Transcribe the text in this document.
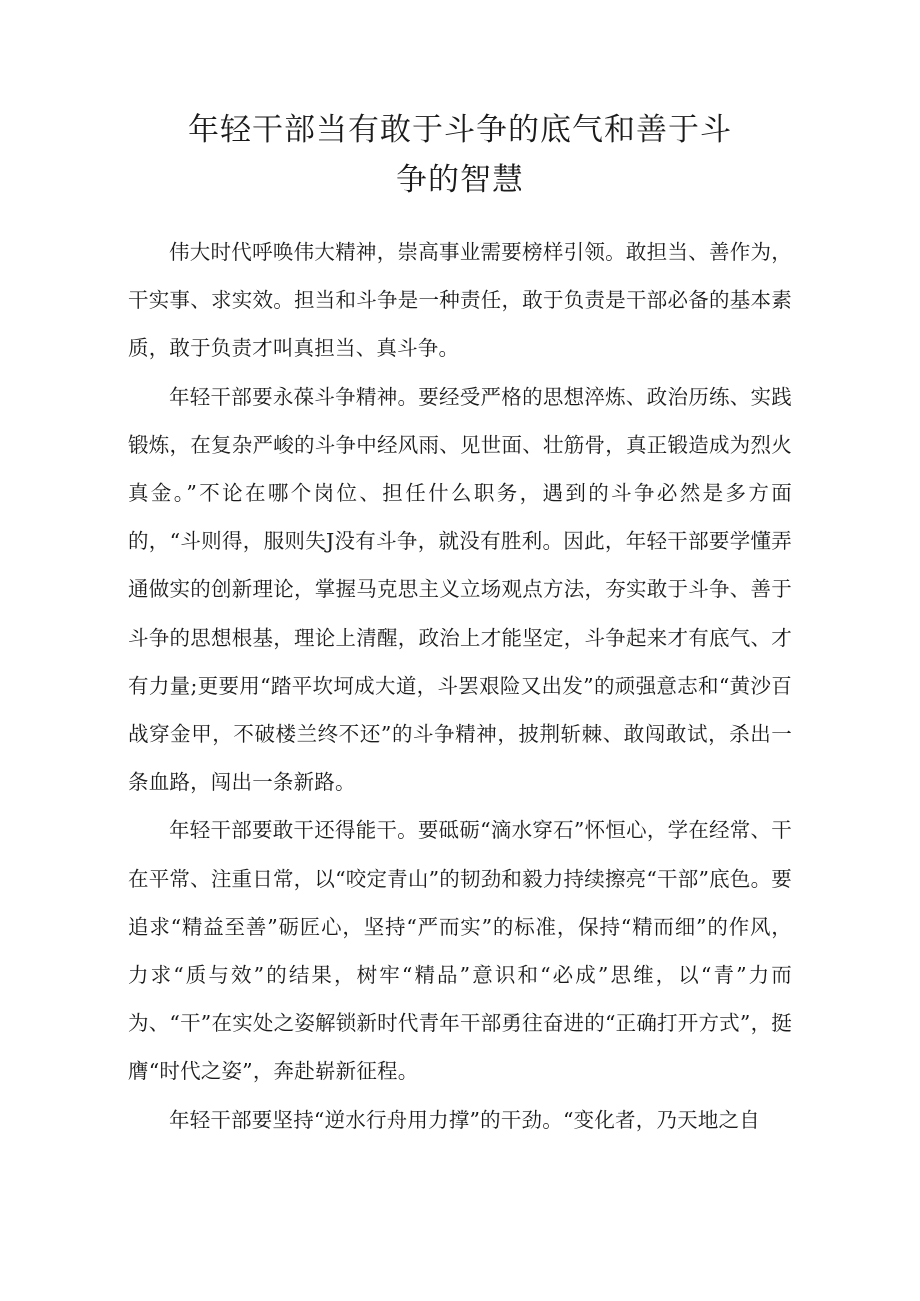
年轻干部当有敢于斗争的底气和善于斗
争的智慧

伟大时代呼唤伟大精神，崇高事业需要榜样引领。敢担当、善作为，干实事、求实效。担当和斗争是一种责任，敢于负责是干部必备的基本素质，敢于负责才叫真担当、真斗争。

年轻干部要永葆斗争精神。要经受严格的思想淬炼、政治历练、实践锻炼，在复杂严峻的斗争中经风雨、见世面、壮筋骨，真正锻造成为烈火真金。”不论在哪个岗位、担任什么职务，遇到的斗争必然是多方面的，“斗则得，服则失J没有斗争，就没有胜利。因此，年轻干部要学懂弄通做实的创新理论，掌握马克思主义立场观点方法，夯实敢于斗争、善于斗争的思想根基，理论上清醒，政治上才能坚定，斗争起来才有底气、才有力量;更要用“踏平坎坷成大道，斗罢艰险又出发”的顽强意志和“黄沙百战穿金甲，不破楼兰终不还”的斗争精神，披荆斩棘、敢闯敢试，杀出一条血路，闯出一条新路。

年轻干部要敢干还得能干。要砥砺“滴水穿石”怀恒心，学在经常、干在平常、注重日常，以“咬定青山”的韧劲和毅力持续擦亮“干部”底色。要追求“精益至善”砺匠心，坚持“严而实”的标准，保持“精而细”的作风，力求“质与效”的结果，树牢“精品”意识和“必成”思维，以“青”力而为、“干”在实处之姿解锁新时代青年干部勇往奋进的“正确打开方式”，挺膺“时代之姿”，奔赴崭新征程。

年轻干部要坚持“逆水行舟用力撑”的干劲。“变化者，乃天地之自
